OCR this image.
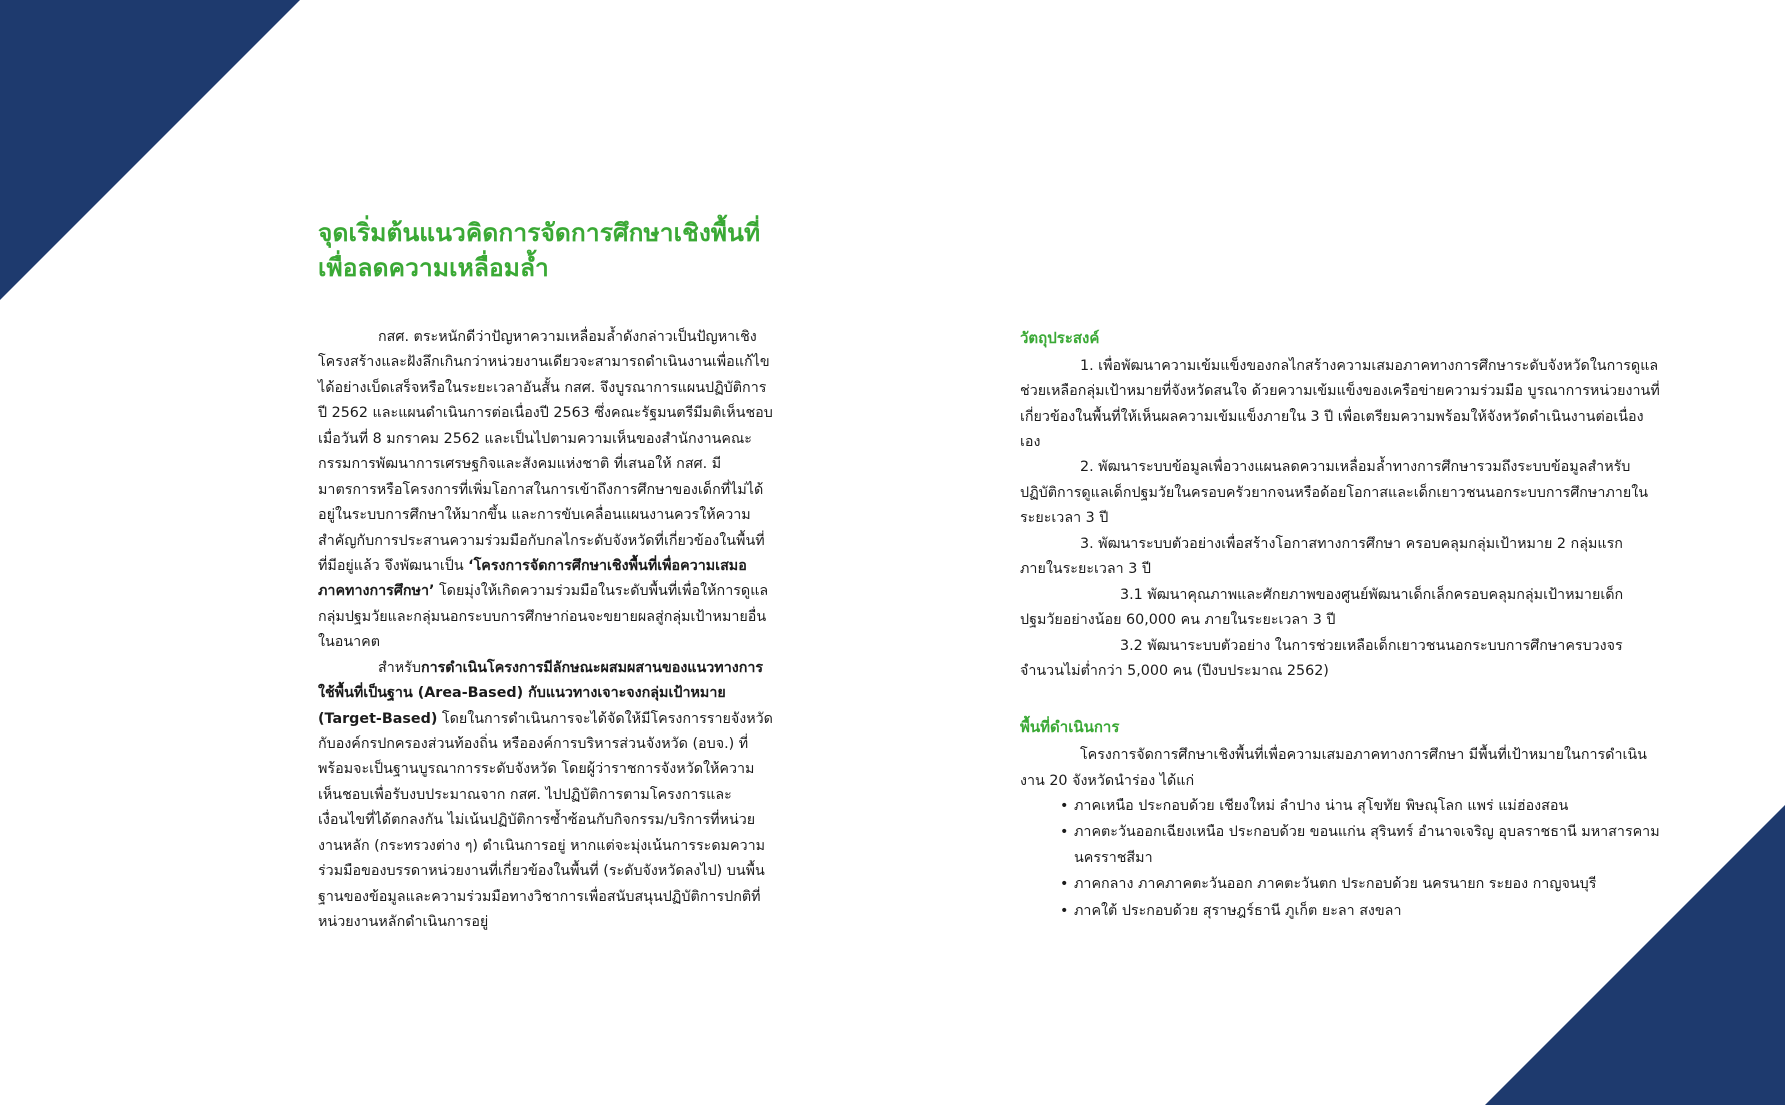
จุดเริ่มต้นแนวคิดการจัดการศึกษาเชิงพื้นที่ เพื่อลดความเหลื่อมล้ำ

กสศ. ตระหนักดีว่าปัญหาความเหลื่อมล้ำดังกล่าวเป็นปัญหาเชิงโครงสร้างและฝังลึกเกินกว่าหน่วยงานเดียวจะสามารถดำเนินงานเพื่อแก้ไขได้อย่างเบ็ดเสร็จหรือในระยะเวลาอันสั้น กสศ. จึงบูรณาการแผนปฏิบัติการปี 2562 และแผนดำเนินการต่อเนื่องปี 2563 ซึ่งคณะรัฐมนตรีมีมติเห็นชอบเมื่อวันที่ 8 มกราคม 2562 และเป็นไปตามความเห็นของสำนักงานคณะกรรมการพัฒนาการเศรษฐกิจและสังคมแห่งชาติ ที่เสนอให้ กสศ. มีมาตรการหรือโครงการที่เพิ่มโอกาสในการเข้าถึงการศึกษาของเด็กที่ไม่ได้อยู่ในระบบการศึกษาให้มากขึ้น และการขับเคลื่อนแผนงานควรให้ความสำคัญกับการประสานความร่วมมือกับกลไกระดับจังหวัดที่เกี่ยวข้องในพื้นที่ที่มีอยู่แล้ว จึงพัฒนาเป็น ‘โครงการจัดการศึกษาเชิงพื้นที่เพื่อความเสมอภาคทางการศึกษา’ โดยมุ่งให้เกิดความร่วมมือในระดับพื้นที่เพื่อให้การดูแลกลุ่มปฐมวัยและกลุ่มนอกระบบการศึกษาก่อนจะขยายผลสู่กลุ่มเป้าหมายอื่นในอนาคต

สำหรับการดำเนินโครงการมีลักษณะผสมผสานของแนวทางการใช้พื้นที่เป็นฐาน (Area-Based) กับแนวทางเจาะจงกลุ่มเป้าหมาย (Target-Based) โดยในการดำเนินการจะได้จัดให้มีโครงการรายจังหวัดกับองค์กรปกครองส่วนท้องถิ่น หรือองค์การบริหารส่วนจังหวัด (อบจ.) ที่พร้อมจะเป็นฐานบูรณาการระดับจังหวัด โดยผู้ว่าราชการจังหวัดให้ความเห็นชอบเพื่อรับงบประมาณจาก กสศ. ไปปฏิบัติการตามโครงการและเงื่อนไขที่ได้ตกลงกัน ไม่เน้นปฏิบัติการซ้ำซ้อนกับกิจกรรม/บริการที่หน่วยงานหลัก (กระทรวงต่าง ๆ) ดำเนินการอยู่ หากแต่จะมุ่งเน้นการระดมความร่วมมือของบรรดาหน่วยงานที่เกี่ยวข้องในพื้นที่ (ระดับจังหวัดลงไป) บนพื้นฐานของข้อมูลและความร่วมมือทางวิชาการเพื่อสนับสนุนปฏิบัติการปกติที่หน่วยงานหลักดำเนินการอยู่

วัตถุประสงค์

1. เพื่อพัฒนาความเข้มแข็งของกลไกสร้างความเสมอภาคทางการศึกษาระดับจังหวัดในการดูแลช่วยเหลือกลุ่มเป้าหมายที่จังหวัดสนใจ ด้วยความเข้มแข็งของเครือข่ายความร่วมมือ บูรณาการหน่วยงานที่เกี่ยวข้องในพื้นที่ให้เห็นผลความเข้มแข็งภายใน 3 ปี เพื่อเตรียมความพร้อมให้จังหวัดดำเนินงานต่อเนื่องเอง

2. พัฒนาระบบข้อมูลเพื่อวางแผนลดความเหลื่อมล้ำทางการศึกษารวมถึงระบบข้อมูลสำหรับปฏิบัติการดูแลเด็กปฐมวัยในครอบครัวยากจนหรือด้อยโอกาสและเด็กเยาวชนนอกระบบการศึกษาภายในระยะเวลา 3 ปี

3. พัฒนาระบบตัวอย่างเพื่อสร้างโอกาสทางการศึกษา ครอบคลุมกลุ่มเป้าหมาย 2 กลุ่มแรกภายในระยะเวลา 3 ปี

3.1 พัฒนาคุณภาพและศักยภาพของศูนย์พัฒนาเด็กเล็กครอบคลุมกลุ่มเป้าหมายเด็กปฐมวัยอย่างน้อย 60,000 คน ภายในระยะเวลา 3 ปี

3.2 พัฒนาระบบตัวอย่าง ในการช่วยเหลือเด็กเยาวชนนอกระบบการศึกษาครบวงจรจำนวนไม่ต่ำกว่า 5,000 คน (ปีงบประมาณ 2562)

พื้นที่ดำเนินการ

โครงการจัดการศึกษาเชิงพื้นที่เพื่อความเสมอภาคทางการศึกษา มีพื้นที่เป้าหมายในการดำเนินงาน 20 จังหวัดนำร่อง ได้แก่

• ภาคเหนือ ประกอบด้วย เชียงใหม่ ลำปาง น่าน สุโขทัย พิษณุโลก แพร่ แม่ฮ่องสอน
• ภาคตะวันออกเฉียงเหนือ ประกอบด้วย ขอนแก่น สุรินทร์ อำนาจเจริญ อุบลราชธานี มหาสารคาม นครราชสีมา
• ภาคกลาง ภาคภาคตะวันออก ภาคตะวันตก ประกอบด้วย นครนายก ระยอง กาญจนบุรี
• ภาคใต้ ประกอบด้วย สุราษฎร์ธานี ภูเก็ต ยะลา สงขลา
